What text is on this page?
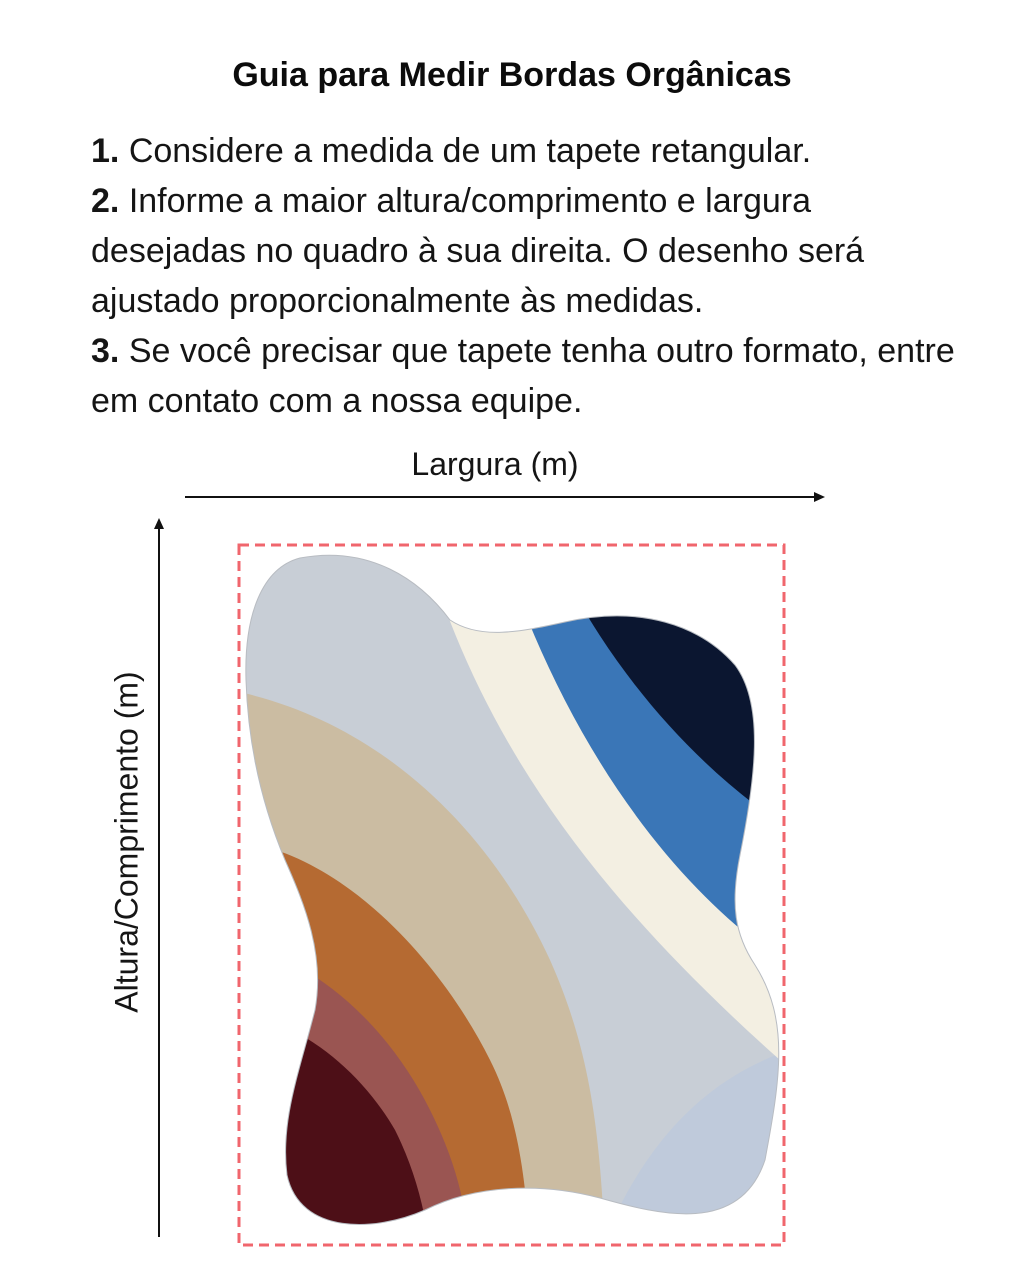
Guia para Medir Bordas Orgânicas

1. Considere a medida de um tapete retangular.

2. Informe a maior altura/comprimento e largura desejadas no quadro à sua direita. O desenho será ajustado proporcionalmente às medidas.

3. Se você precisar que tapete tenha outro formato, entre em contato com a nossa equipe.

Largura (m)
Altura/Comprimento (m)
